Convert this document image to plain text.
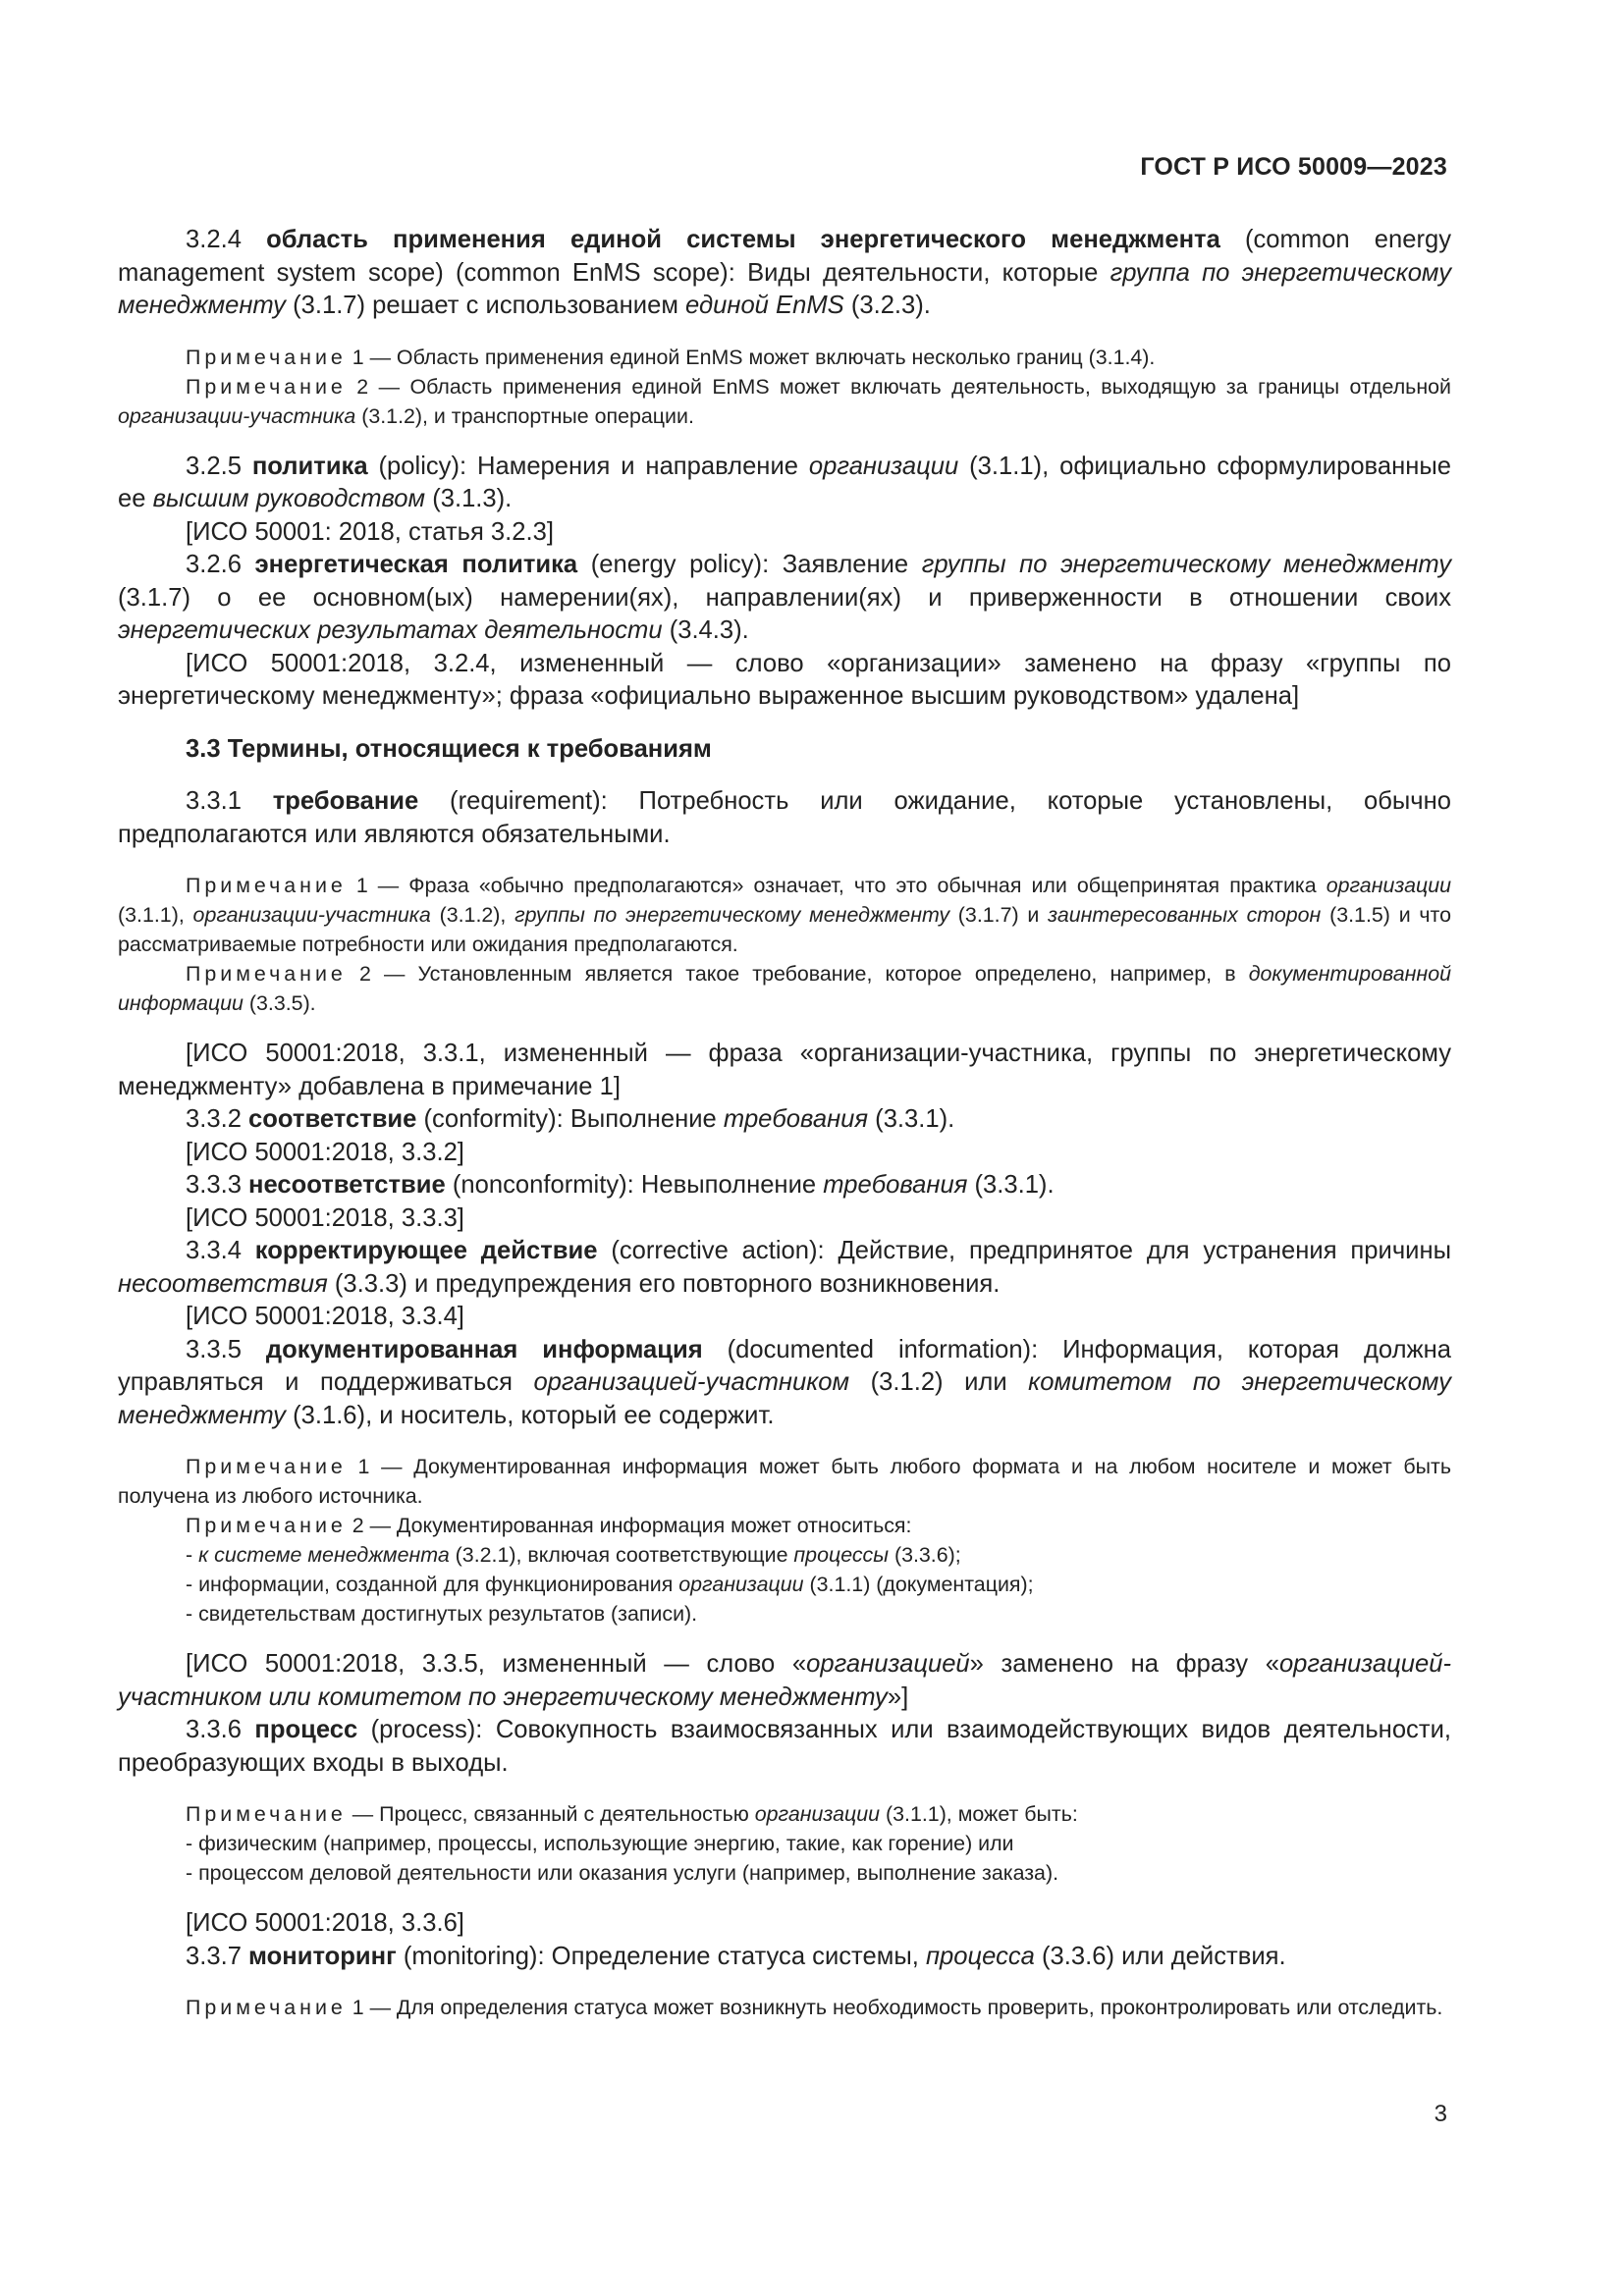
ГОСТ Р ИСО 50009—2023
3.2.4 область применения единой системы энергетического менеджмента (common energy management system scope) (common EnMS scope): Виды деятельности, которые группа по энергетическому менеджменту (3.1.7) решает с использованием единой EnMS (3.2.3).
Примечание 1 — Область применения единой EnMS может включать несколько границ (3.1.4).
Примечание 2 — Область применения единой EnMS может включать деятельность, выходящую за границы отдельной организации-участника (3.1.2), и транспортные операции.
3.2.5 политика (policy): Намерения и направление организации (3.1.1), официально сформулированные ее высшим руководством (3.1.3).
[ИСО 50001: 2018, статья 3.2.3]
3.2.6 энергетическая политика (energy policy): Заявление группы по энергетическому менеджменту (3.1.7) о ее основном(ых) намерении(ях), направлении(ях) и приверженности в отношении своих энергетических результатах деятельности (3.4.3).
[ИСО 50001:2018, 3.2.4, измененный — слово «организации» заменено на фразу «группы по энергетическому менеджменту»; фраза «официально выраженное высшим руководством» удалена]
3.3 Термины, относящиеся к требованиям
3.3.1 требование (requirement): Потребность или ожидание, которые установлены, обычно предполагаются или являются обязательными.
Примечание 1 — Фраза «обычно предполагаются» означает, что это обычная или общепринятая практика организации (3.1.1), организации-участника (3.1.2), группы по энергетическому менеджменту (3.1.7) и заинтересованных сторон (3.1.5) и что рассматриваемые потребности или ожидания предполагаются.
Примечание 2 — Установленным является такое требование, которое определено, например, в документированной информации (3.3.5).
[ИСО 50001:2018, 3.3.1, измененный — фраза «организации-участника, группы по энергетическому менеджменту» добавлена в примечание 1]
3.3.2 соответствие (conformity): Выполнение требования (3.3.1).
[ИСО 50001:2018, 3.3.2]
3.3.3 несоответствие (nonconformity): Невыполнение требования (3.3.1).
[ИСО 50001:2018, 3.3.3]
3.3.4 корректирующее действие (corrective action): Действие, предпринятое для устранения причины несоответствия (3.3.3) и предупреждения его повторного возникновения.
[ИСО 50001:2018, 3.3.4]
3.3.5 документированная информация (documented information): Информация, которая должна управляться и поддерживаться организацией-участником (3.1.2) или комитетом по энергетическому менеджменту (3.1.6), и носитель, который ее содержит.
Примечание 1 — Документированная информация может быть любого формата и на любом носителе и может быть получена из любого источника.
Примечание 2 — Документированная информация может относиться:
- к системе менеджмента (3.2.1), включая соответствующие процессы (3.3.6);
- информации, созданной для функционирования организации (3.1.1) (документация);
- свидетельствам достигнутых результатов (записи).
[ИСО 50001:2018, 3.3.5, измененный — слово «организацией» заменено на фразу «организацией-участником или комитетом по энергетическому менеджменту»]
3.3.6 процесс (process): Совокупность взаимосвязанных или взаимодействующих видов деятельности, преобразующих входы в выходы.
Примечание — Процесс, связанный с деятельностью организации (3.1.1), может быть:
- физическим (например, процессы, использующие энергию, такие, как горение) или
- процессом деловой деятельности или оказания услуги (например, выполнение заказа).
[ИСО 50001:2018, 3.3.6]
3.3.7 мониторинг (monitoring): Определение статуса системы, процесса (3.3.6) или действия.
Примечание 1 — Для определения статуса может возникнуть необходимость проверить, проконтролировать или отследить.
3
